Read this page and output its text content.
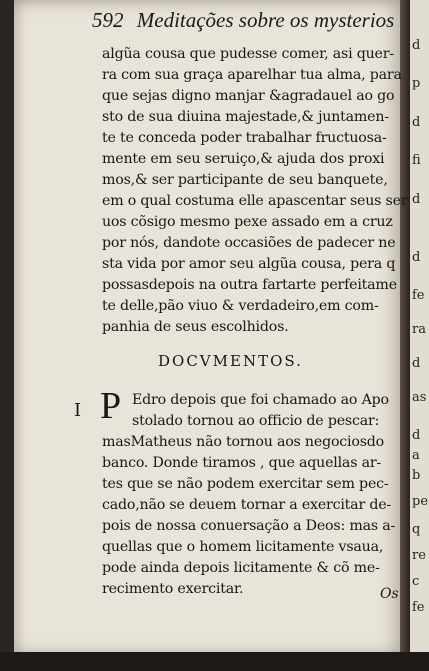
d
p
d
fi
d
d
fe
ra
d
as
d
a
b
pe
q
re
c
fe
592 Meditações sobre os mysterios
algũa cousa que pudesse comer, asi quer-
ra com sua graça aparelhar tua alma, para
que sejas digno manjar &agradauel ao go
sto de sua diuina majestade,& juntamen-
te te conceda poder trabalhar fructuosa-
mente em seu seruiço,& ajuda dos proxi
mos,& ser participante de seu banquete,
em o qual costuma elle apascentar seus ser
uos cõsigo mesmo pexe assado em a cruz
por nós, dandote occasiões de padecer ne
sta vida por amor seu algũa cousa, pera q
possasdepois na outra fartarte perfeitame
te delle,pão viuo & verdadeiro,em com-
panhia de seus escolhidos.
DOCVMENTOS.
I P Edro depois que foi chamado ao Apo
stolado tornou ao officio de pescar:
masMatheus não tornou aos negociosdo
banco. Donde tiramos , que aquellas ar-
tes que se não podem exercitar sem pec-
cado,não se deuem tornar a exercitar de-
pois de nossa conuersação a Deos: mas a-
quellas que o homem licitamente vsaua,
pode ainda depois licitamente & cõ me-
recimento exercitar.	Os
